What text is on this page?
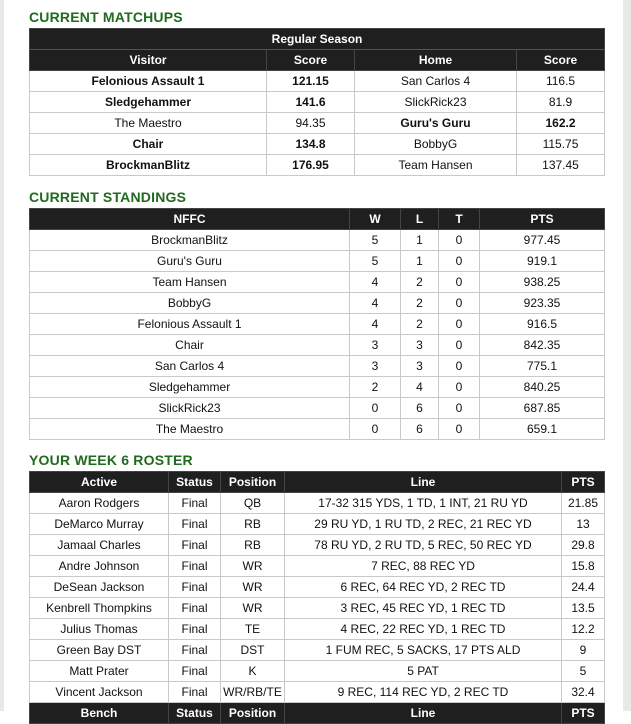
CURRENT MATCHUPS
Regular Season			
Visitor	Score	Home	Score
Felonious Assault 1	121.15	San Carlos 4	116.5
Sledgehammer	141.6	SlickRick23	81.9
The Maestro	94.35	Guru's Guru	162.2
Chair	134.8	BobbyG	115.75
BrockmanBlitz	176.95	Team Hansen	137.45
CURRENT STANDINGS
NFFC	W	L	T	PTS
BrockmanBlitz	5	1	0	977.45
Guru's Guru	5	1	0	919.1
Team Hansen	4	2	0	938.25
BobbyG	4	2	0	923.35
Felonious Assault 1	4	2	0	916.5
Chair	3	3	0	842.35
San Carlos 4	3	3	0	775.1
Sledgehammer	2	4	0	840.25
SlickRick23	0	6	0	687.85
The Maestro	0	6	0	659.1
YOUR WEEK 6 ROSTER
Active	Status	Position	Line	PTS
Aaron Rodgers	Final	QB	17-32 315 YDS, 1 TD, 1 INT, 21 RU YD	21.85
DeMarco Murray	Final	RB	29 RU YD, 1 RU TD, 2 REC, 21 REC YD	13
Jamaal Charles	Final	RB	78 RU YD, 2 RU TD, 5 REC, 50 REC YD	29.8
Andre Johnson	Final	WR	7 REC, 88 REC YD	15.8
DeSean Jackson	Final	WR	6 REC, 64 REC YD, 2 REC TD	24.4
Kenbrell Thompkins	Final	WR	3 REC, 45 REC YD, 1 REC TD	13.5
Julius Thomas	Final	TE	4 REC, 22 REC YD, 1 REC TD	12.2
Green Bay DST	Final	DST	1 FUM REC, 5 SACKS, 17 PTS ALD	9
Matt Prater	Final	K	5 PAT	5
Vincent Jackson	Final	WR/RB/TE	9 REC, 114 REC YD, 2 REC TD	32.4
Bench	Status	Position	Line	PTS
